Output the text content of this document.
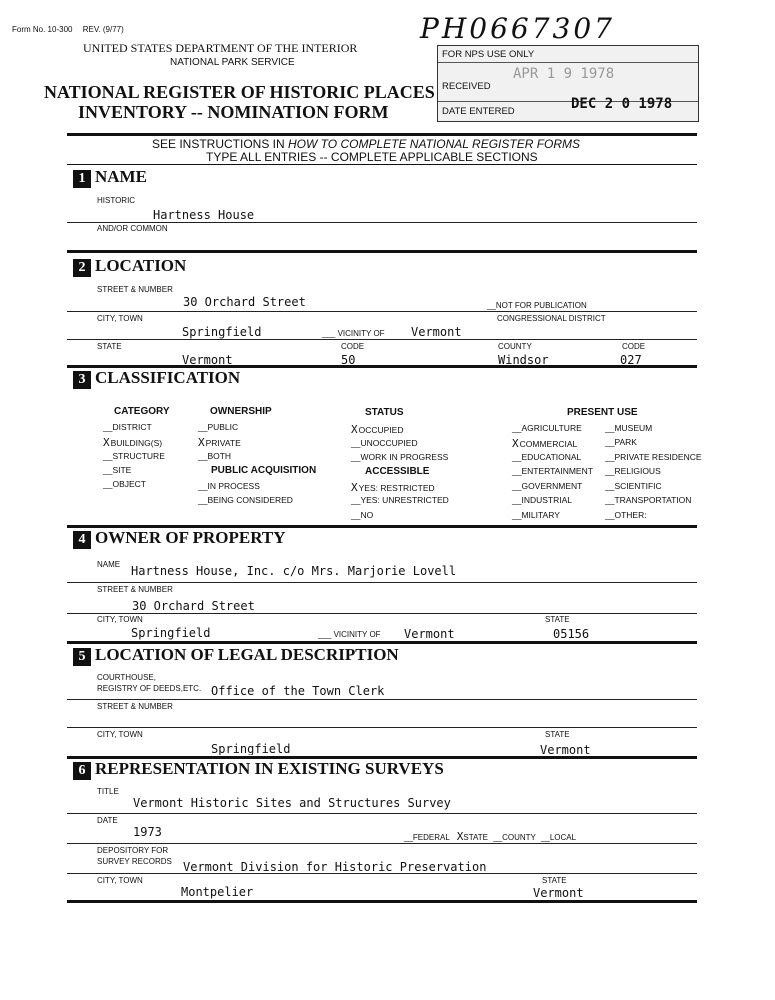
Form No. 10-300 REV. (9/77)
UNITED STATES DEPARTMENT OF THE INTERIOR
NATIONAL PARK SERVICE
NATIONAL REGISTER OF HISTORIC PLACES
INVENTORY -- NOMINATION FORM
PH0667307
FOR NPS USE ONLY
RECEIVED
APR 1 9 1978
DATE ENTERED	DEC 2 0 1978
SEE INSTRUCTIONS IN HOW TO COMPLETE NATIONAL REGISTER FORMS
TYPE ALL ENTRIES -- COMPLETE APPLICABLE SECTIONS
1 NAME
HISTORIC
Hartness House
AND/OR COMMON
2 LOCATION
STREET & NUMBER
30 Orchard Street	__NOT FOR PUBLICATION
CITY, TOWN	CONGRESSIONAL DISTRICT
Springfield	___ VICINITY OF Vermont
STATE	CODE	COUNTY	CODE
Vermont	50	Windsor	027
3 CLASSIFICATION
CATEGORY
__DISTRICT
XBUILDING(S)
__STRUCTURE
__SITE
__OBJECT
OWNERSHIP
__PUBLIC
XPRIVATE
__BOTH
PUBLIC ACQUISITION
__IN PROCESS
__BEING CONSIDERED
STATUS
XOCCUPIED
__UNOCCUPIED
__WORK IN PROGRESS
ACCESSIBLE
XYES: RESTRICTED
__YES: UNRESTRICTED
__NO
PRESENT USE
__AGRICULTURE
XCOMMERCIAL
__EDUCATIONAL
__ENTERTAINMENT
__GOVERNMENT
__INDUSTRIAL
__MILITARY
__MUSEUM
__PARK
__PRIVATE RESIDENCE
__RELIGIOUS
__SCIENTIFIC
__TRANSPORTATION
__OTHER:
4 OWNER OF PROPERTY
NAME Hartness House, Inc. c/o Mrs. Marjorie Lovell
STREET & NUMBER
30 Orchard Street
CITY, TOWN	STATE
Springfield	___ VICINITY OF Vermont	05156
5 LOCATION OF LEGAL DESCRIPTION
COURTHOUSE,
REGISTRY OF DEEDS,ETC. Office of the Town Clerk
STREET & NUMBER
CITY, TOWN	STATE
Springfield	Vermont
6 REPRESENTATION IN EXISTING SURVEYS
TITLE
Vermont Historic Sites and Structures Survey
DATE
1973	__FEDERAL XSTATE __COUNTY __LOCAL
DEPOSITORY FOR
SURVEY RECORDS Vermont Division for Historic Preservation
CITY, TOWN	STATE
Montpelier	Vermont
